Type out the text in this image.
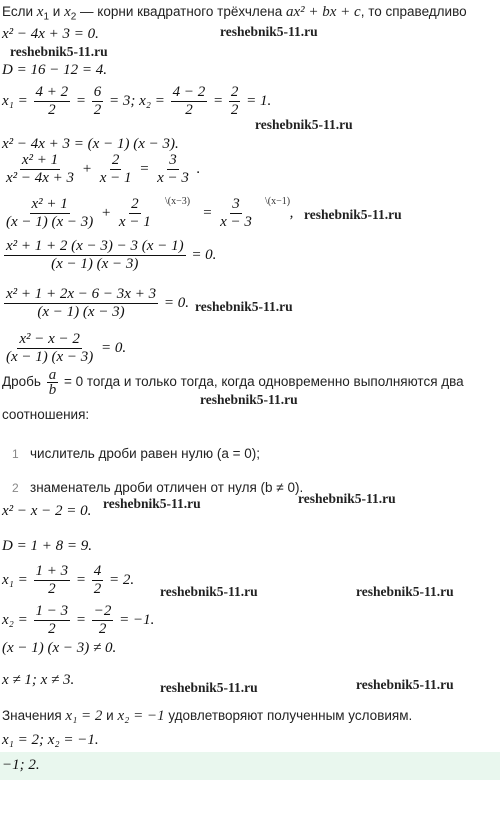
Если $x_1$ и $x_2$ — корни квадратного трёхчлена ax² + bx + c, то справедливо
x² − 4x + 3 = 0.	reshebnik5-11.ru
reshebnik5-11.ru
D = 16 − 12 = 4.
$x_1 = \frac{4 + 2}{2} = \frac{6}{2} = 3$; $x_2 = \frac{4 - 2}{2} = \frac{2}{2} = 1$.
reshebnik5-11.ru
x² − 4x + 3 = (x − 1) (x − 3).
$\frac{\text{x² + 1}}{\text{x² − 4x + 3}} + \frac{2}{x - 1} = \frac{3}{x - 3}$ .
$\frac{\text{x² + 1}}{(x - 1) (x - 3)} + \frac{2}{x - 1}$	= $\frac{3}{x - 3}$ ,
\(x−3)	\(x−1)
reshebnik5-11.ru
$\frac{\text{x² + 1 + 2 (x − 3) − 3 (x − 1)}}{(x - 1) (x - 3)} = 0$.
$\frac{\text{x² + 1 + 2x − 6 − 3x + 3}}{(x - 1) (x - 3)} = 0$. reshebnik5-11.ru
$\frac{\text{x² − x − 2}}{(x - 1) (x - 3)} = 0$.
Дробь $\frac{a}{b} = 0$ тогда и только тогда, когда одновременно выполняются два
reshebnik5-11.ru
соотношения:
1 числитель дроби равен нулю (a = 0);
2 знаменатель дроби отличен от нуля (b ≠ 0).
reshebnik5-11.ru
x² − x − 2 = 0. reshebnik5-11.ru
D = 1 + 8 = 9.
$x_1 = \frac{1 + 3}{2} = \frac{4}{2} = 2$.
reshebnik5-11.ru	reshebnik5-11.ru
$x_2 = \frac{1 - 3}{2} = \frac{-2}{2} = -1$.
(x − 1) (x − 3) ≠ 0.
x ≠ 1; x ≠ 3.	reshebnik5-11.ru	reshebnik5-11.ru
Значения x₁ = 2 и x₂ = −1 удовлетворяют полученным условиям.
x₁ = 2; x₂ = −1.
−1; 2.
